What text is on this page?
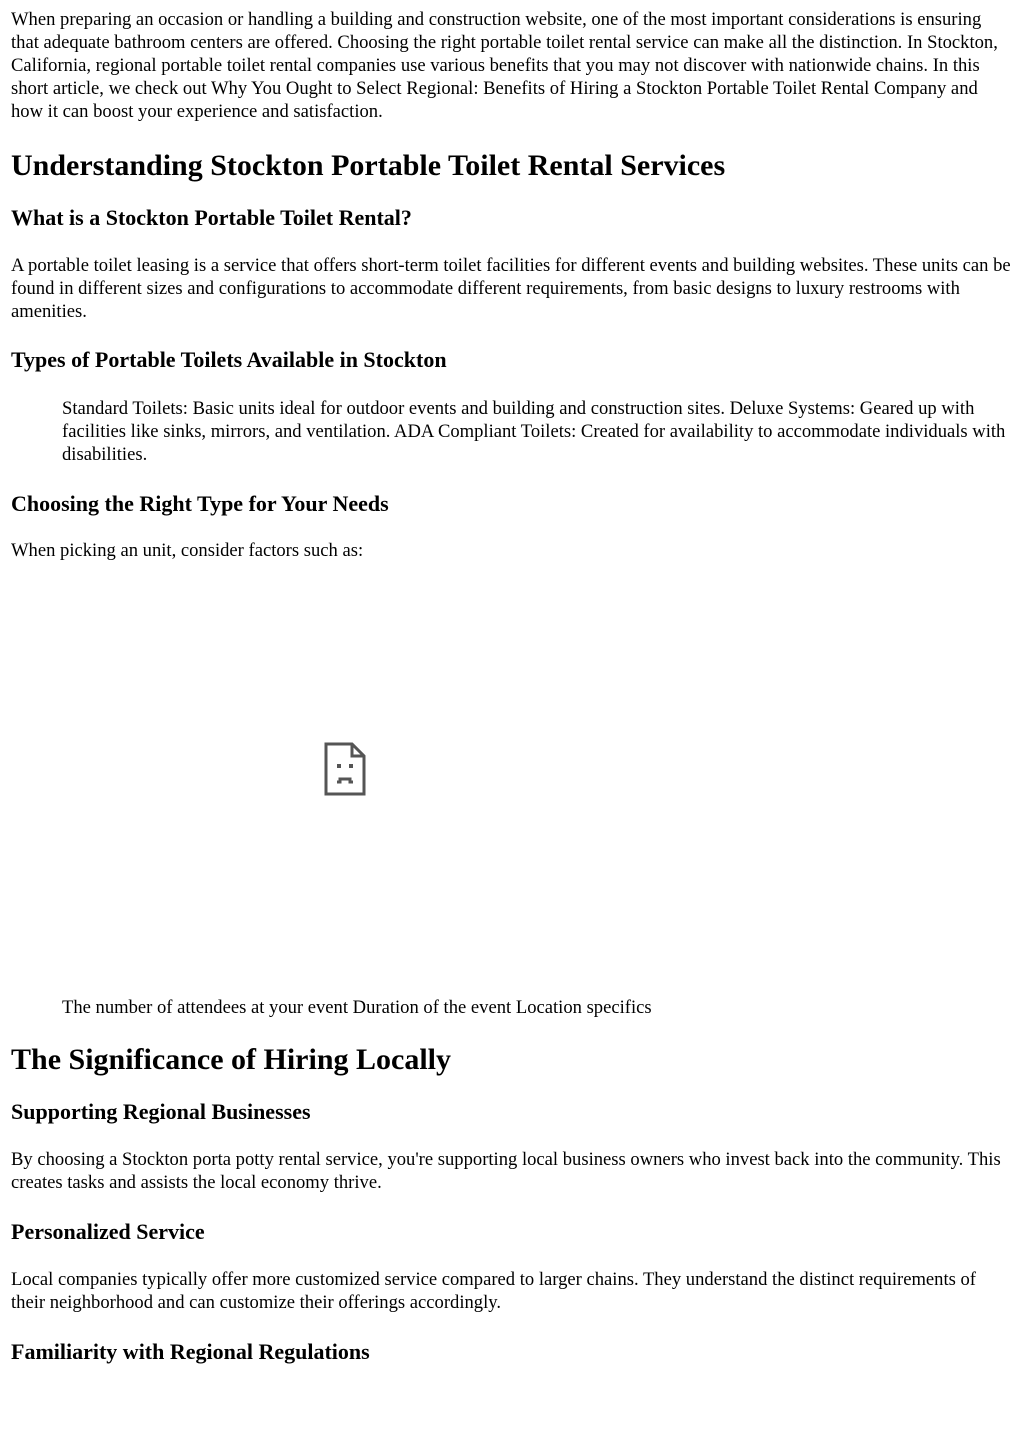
When preparing an occasion or handling a building and construction website, one of the most important considerations is ensuring that adequate bathroom centers are offered. Choosing the right portable toilet rental service can make all the distinction. In Stockton, California, regional portable toilet rental companies use various benefits that you may not discover with nationwide chains. In this short article, we check out Why You Ought to Select Regional: Benefits of Hiring a Stockton Portable Toilet Rental Company and how it can boost your experience and satisfaction.

Understanding Stockton Portable Toilet Rental Services
What is a Stockton Portable Toilet Rental?

A portable toilet leasing is a service that offers short-term toilet facilities for different events and building websites. These units can be found in different sizes and configurations to accommodate different requirements, from basic designs to luxury restrooms with amenities.

Types of Portable Toilets Available in Stockton
Standard Toilets: Basic units ideal for outdoor events and building and construction sites. Deluxe Systems: Geared up with facilities like sinks, mirrors, and ventilation. ADA Compliant Toilets: Created for availability to accommodate individuals with disabilities.
Choosing the Right Type for Your Needs

When picking an unit, consider factors such as:

The number of attendees at your event Duration of the event Location specifics
The Significance of Hiring Locally
Supporting Regional Businesses

By choosing a Stockton porta potty rental service, you're supporting local business owners who invest back into the community. This creates tasks and assists the local economy thrive.

Personalized Service

Local companies typically offer more customized service compared to larger chains. They understand the distinct requirements of their neighborhood and can customize their offerings accordingly.

Familiarity with Regional Regulations
